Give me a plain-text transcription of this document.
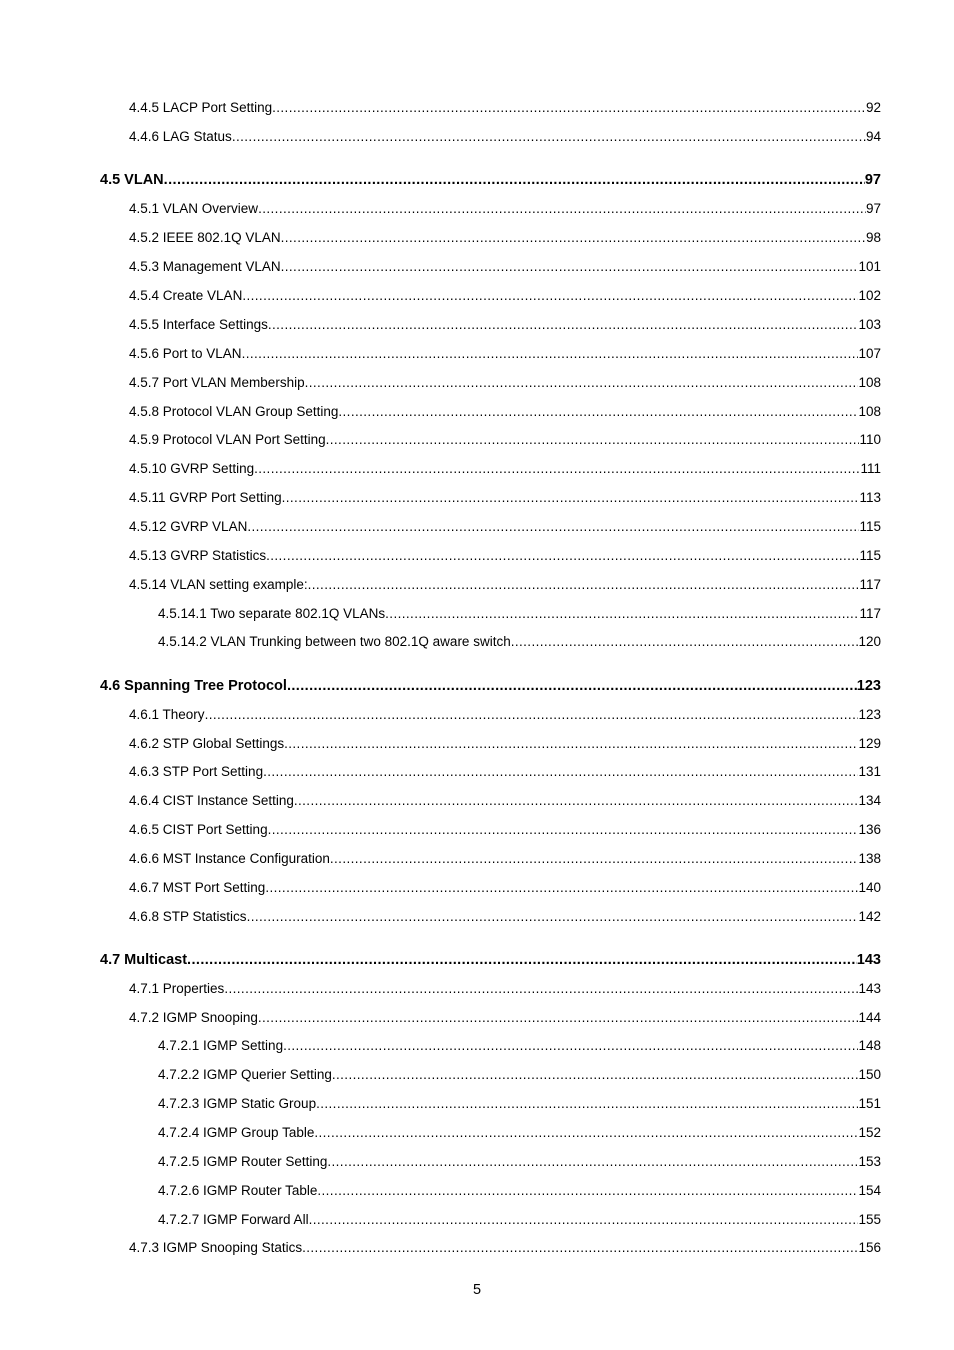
4.4.5 LACP Port Setting .....	92
4.4.6 LAG Status .....	94
4.5 VLAN .....	97
4.5.1 VLAN Overview .....	97
4.5.2 IEEE 802.1Q VLAN .....	98
4.5.3 Management VLAN .....	101
4.5.4 Create VLAN .....	102
4.5.5 Interface Settings .....	103
4.5.6 Port to VLAN .....	107
4.5.7 Port VLAN Membership .....	108
4.5.8 Protocol VLAN Group Setting .....	108
4.5.9 Protocol VLAN Port Setting .....	110
4.5.10 GVRP Setting .....	111
4.5.11 GVRP Port Setting .....	113
4.5.12 GVRP VLAN .....	115
4.5.13 GVRP Statistics .....	115
4.5.14 VLAN setting example: .....	117
4.5.14.1 Two separate 802.1Q VLANs .....	117
4.5.14.2 VLAN Trunking between two 802.1Q aware switch .....	120
4.6 Spanning Tree Protocol .....	123
4.6.1 Theory .....	123
4.6.2 STP Global Settings .....	129
4.6.3 STP Port Setting .....	131
4.6.4 CIST Instance Setting .....	134
4.6.5 CIST Port Setting .....	136
4.6.6 MST Instance Configuration .....	138
4.6.7 MST Port Setting .....	140
4.6.8 STP Statistics .....	142
4.7 Multicast .....	143
4.7.1 Properties .....	143
4.7.2 IGMP Snooping .....	144
4.7.2.1 IGMP Setting .....	148
4.7.2.2 IGMP Querier Setting .....	150
4.7.2.3 IGMP Static Group .....	151
4.7.2.4 IGMP Group Table .....	152
4.7.2.5 IGMP Router Setting .....	153
4.7.2.6 IGMP Router Table .....	154
4.7.2.7 IGMP Forward All .....	155
4.7.3 IGMP Snooping Statics .....	156
5
